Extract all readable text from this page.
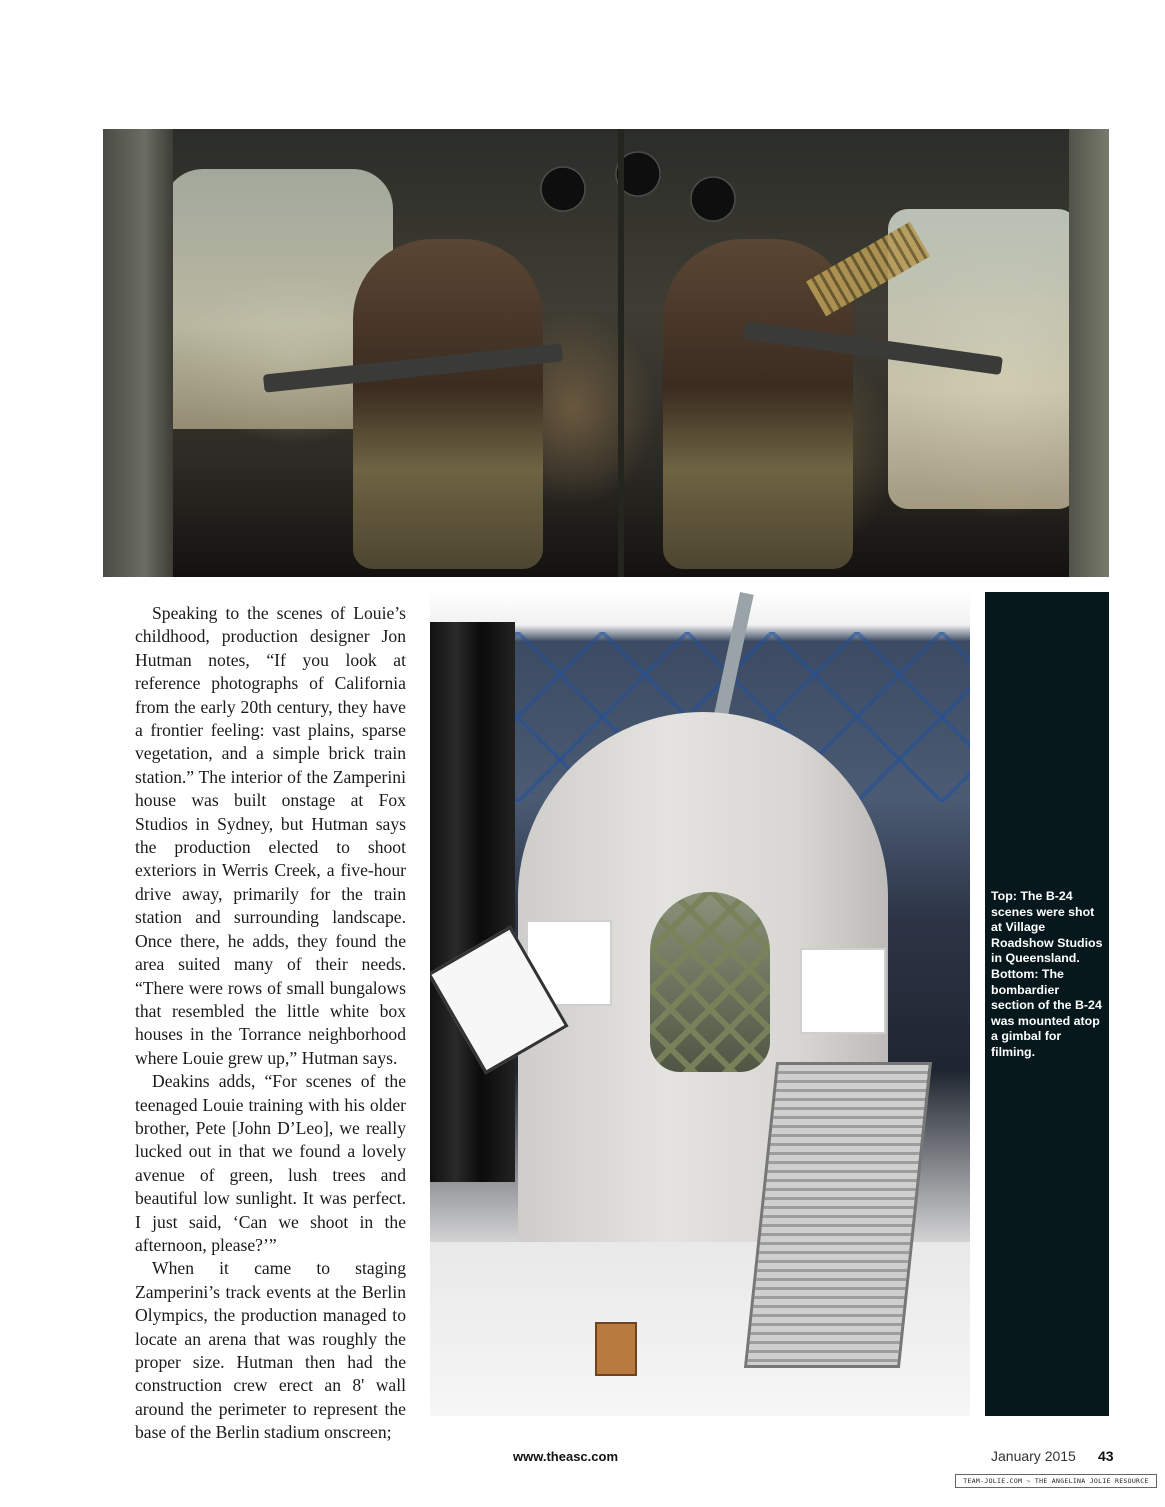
Speaking to the scenes of Louie’s childhood, production designer Jon Hutman notes, “If you look at reference photographs of California from the early 20th century, they have a frontier feeling: vast plains, sparse vegetation, and a simple brick train station.” The interior of the Zamperini house was built onstage at Fox Studios in Sydney, but Hutman says the production elected to shoot exteriors in Werris Creek, a five-hour drive away, primarily for the train station and surrounding landscape. Once there, he adds, they found the area suited many of their needs. “There were rows of small bungalows that resembled the little white box houses in the Torrance neighborhood where Louie grew up,” Hutman says.

Deakins adds, “For scenes of the teenaged Louie training with his older brother, Pete [John D’Leo], we really lucked out in that we found a lovely avenue of green, lush trees and beautiful low sunlight. It was perfect. I just said, ‘Can we shoot in the afternoon, please?’”

When it came to staging Zamperini’s track events at the Berlin Olympics, the production managed to locate an arena that was roughly the proper size. Hutman then had the construction crew erect an 8' wall around the perimeter to represent the base of the Berlin stadium onscreen;

Top: The B-24 scenes were shot at Village Roadshow Studios in Queensland. Bottom: The bombardier section of the B-24 was mounted atop a gimbal for filming.
www.theasc.com	January 2015 43
TEAM-JOLIE.COM ~ THE ANGELINA JOLIE RESOURCE
